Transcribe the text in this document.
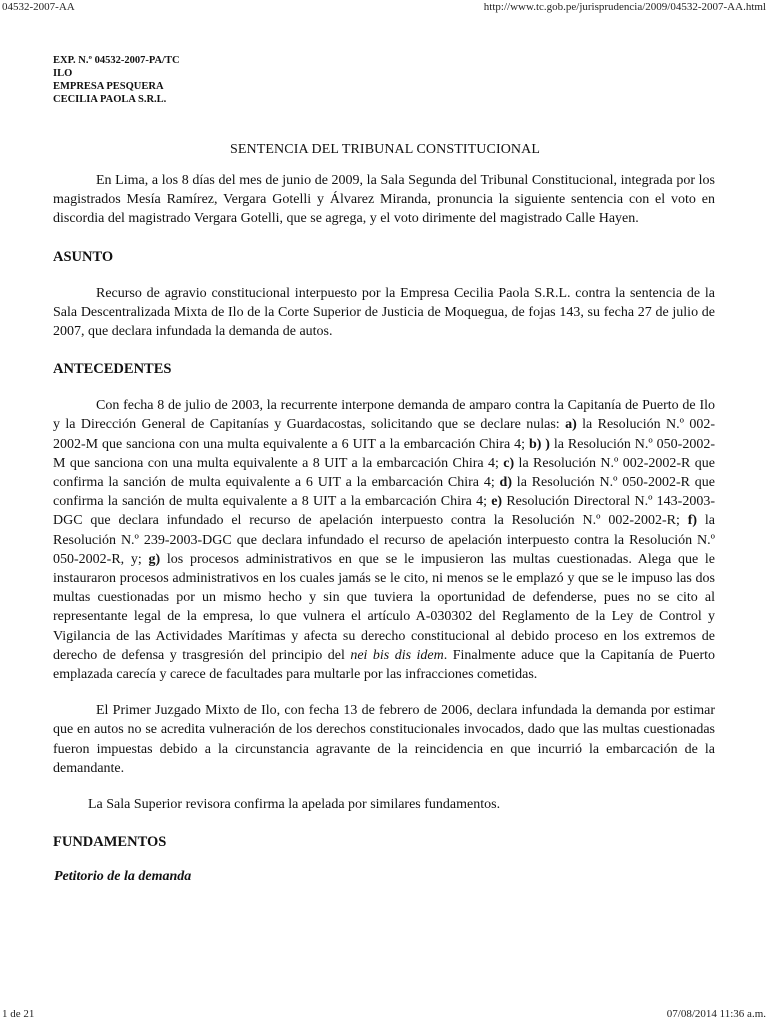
04532-2007-AA	http://www.tc.gob.pe/jurisprudencia/2009/04532-2007-AA.html
EXP. N.º 04532-2007-PA/TC
ILO
EMPRESA PESQUERA
CECILIA PAOLA S.R.L.
SENTENCIA DEL TRIBUNAL CONSTITUCIONAL

En Lima, a los 8 días del mes de junio de 2009, la Sala Segunda del Tribunal Constitucional, integrada por los magistrados Mesía Ramírez, Vergara Gotelli y Álvarez Miranda, pronuncia la siguiente sentencia con el voto en discordia del magistrado Vergara Gotelli, que se agrega, y el voto dirimente del magistrado Calle Hayen.

ASUNTO

Recurso de agravio constitucional interpuesto por la Empresa Cecilia Paola S.R.L. contra la sentencia de la Sala Descentralizada Mixta de Ilo de la Corte Superior de Justicia de Moquegua, de fojas 143, su fecha 27 de julio de 2007, que declara infundada la demanda de autos.

ANTECEDENTES

Con fecha 8 de julio de 2003, la recurrente interpone demanda de amparo contra la Capitanía de Puerto de Ilo y la Dirección General de Capitanías y Guardacostas, solicitando que se declare nulas: a) la Resolución N.º 002-2002-M que sanciona con una multa equivalente a 6 UIT a la embarcación Chira 4; b) ) la Resolución N.º 050-2002-M que sanciona con una multa equivalente a 8 UIT a la embarcación Chira 4; c) la Resolución N.º 002-2002-R que confirma la sanción de multa equivalente a 6 UIT a la embarcación Chira 4; d) la Resolución N.º 050-2002-R que confirma la sanción de multa equivalente a 8 UIT a la embarcación Chira 4; e) Resolución Directoral N.º 143-2003-DGC que declara infundado el recurso de apelación interpuesto contra la Resolución N.º 002-2002-R; f) la Resolución N.º 239-2003-DGC que declara infundado el recurso de apelación interpuesto contra la Resolución N.º 050-2002-R, y; g) los procesos administrativos en que se le impusieron las multas cuestionadas. Alega que le instauraron procesos administrativos en los cuales jamás se le cito, ni menos se le emplazó y que se le impuso las dos multas cuestionadas por un mismo hecho y sin que tuviera la oportunidad de defenderse, pues no se cito al representante legal de la empresa, lo que vulnera el artículo A-030302 del Reglamento de la Ley de Control y Vigilancia de las Actividades Marítimas y afecta su derecho constitucional al debido proceso en los extremos de derecho de defensa y trasgresión del principio del nei bis dis idem. Finalmente aduce que la Capitanía de Puerto emplazada carecía y carece de facultades para multarle por las infracciones cometidas.

El Primer Juzgado Mixto de Ilo, con fecha 13 de febrero de 2006, declara infundada la demanda por estimar que en autos no se acredita vulneración de los derechos constitucionales invocados, dado que las multas cuestionadas fueron impuestas debido a la circunstancia agravante de la reincidencia en que incurrió la embarcación de la demandante.

La Sala Superior revisora confirma la apelada por similares fundamentos.

FUNDAMENTOS
Petitorio de la demanda
1 de 21	07/08/2014 11:36 a.m.
